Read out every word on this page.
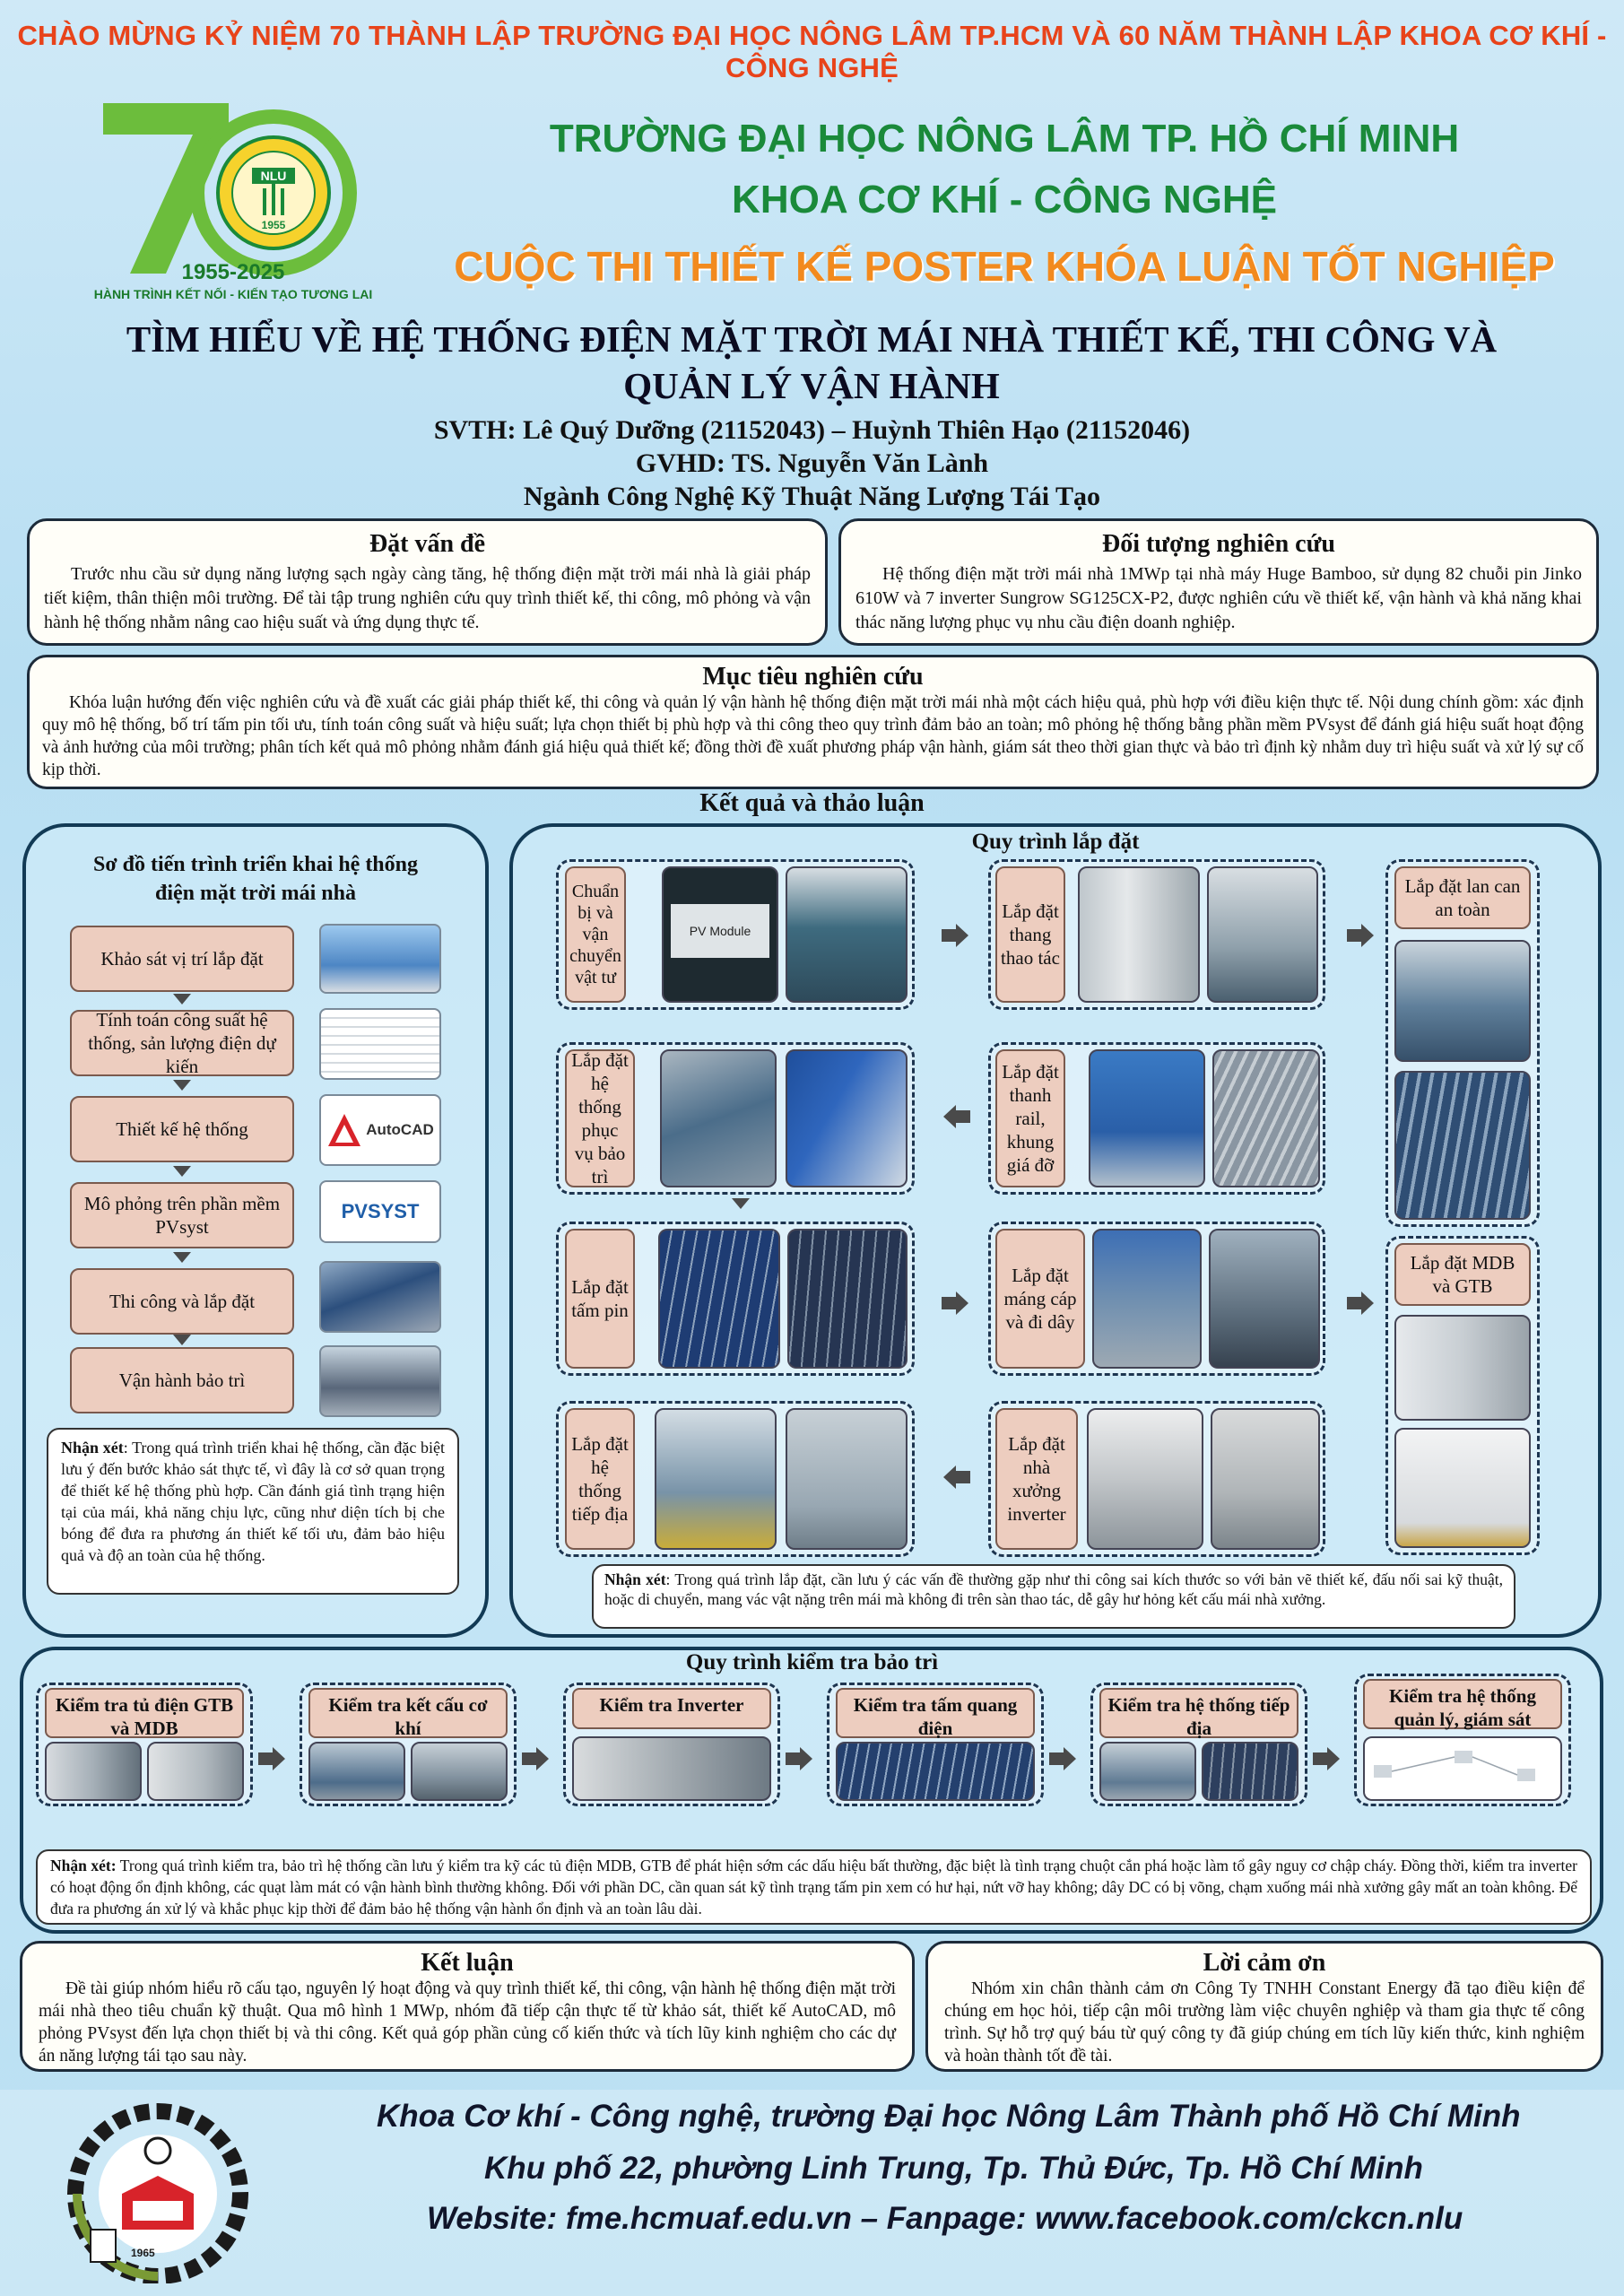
CHÀO MỪNG KỶ NIỆM 70 THÀNH LẬP TRƯỜNG ĐẠI HỌC NÔNG LÂM TP.HCM VÀ 60 NĂM THÀNH LẬP KHOA CƠ KHÍ - CÔNG NGHỆ
NLU
1955
1955-2025
HÀNH TRÌNH KẾT NỐI - KIẾN TẠO TƯƠNG LAI
TRƯỜNG ĐẠI HỌC NÔNG LÂM TP. HỒ CHÍ MINH
KHOA CƠ KHÍ - CÔNG NGHỆ
CUỘC THI THIẾT KẾ POSTER KHÓA LUẬN TỐT NGHIỆP
TÌM HIỂU VỀ HỆ THỐNG ĐIỆN MẶT TRỜI MÁI NHÀ THIẾT KẾ, THI CÔNG VÀ
QUẢN LÝ VẬN HÀNH
SVTH: Lê Quý Dưỡng (21152043) – Huỳnh Thiên Hạo (21152046)
GVHD: TS. Nguyễn Văn Lành
Ngành Công Nghệ Kỹ Thuật Năng Lượng Tái Tạo
Đặt vấn đề

Trước nhu cầu sử dụng năng lượng sạch ngày càng tăng, hệ thống điện mặt trời mái nhà là giải pháp tiết kiệm, thân thiện môi trường. Để tài tập trung nghiên cứu quy trình thiết kế, thi công, mô phỏng và vận hành hệ thống nhằm nâng cao hiệu suất và ứng dụng thực tế.

Đối tượng nghiên cứu

Hệ thống điện mặt trời mái nhà 1MWp tại nhà máy Huge Bamboo, sử dụng 82 chuỗi pin Jinko 610W và 7 inverter Sungrow SG125CX-P2, được nghiên cứu về thiết kế, vận hành và khả năng khai thác năng lượng phục vụ nhu cầu điện doanh nghiệp.

Mục tiêu nghiên cứu

Khóa luận hướng đến việc nghiên cứu và đề xuất các giải pháp thiết kế, thi công và quản lý vận hành hệ thống điện mặt trời mái nhà một cách hiệu quả, phù hợp với điều kiện thực tế. Nội dung chính gồm: xác định quy mô hệ thống, bố trí tấm pin tối ưu, tính toán công suất và hiệu suất; lựa chọn thiết bị phù hợp và thi công theo quy trình đảm bảo an toàn; mô phỏng hệ thống bằng phần mềm PVsyst để đánh giá hiệu suất hoạt động và ảnh hưởng của môi trường; phân tích kết quả mô phỏng nhằm đánh giá hiệu quả thiết kế; đồng thời đề xuất phương pháp vận hành, giám sát theo thời gian thực và bảo trì định kỳ nhằm duy trì hiệu suất và xử lý sự cố kịp thời.

Kết quả và thảo luận
Sơ đồ tiến trình triển khai hệ thống điện mặt trời mái nhà
Khảo sát vị trí lắp đặt
Tính toán công suất hệ thống, sản lượng điện dự kiến
Thiết kế hệ thống
Mô phỏng trên phần mềm PVsyst
Thi công và lắp đặt
Vận hành bảo trì
AutoCAD
PVSYST
Nhận xét: Trong quá trình triển khai hệ thống, cần đặc biệt lưu ý đến bước khảo sát thực tế, vì đây là cơ sở quan trọng để thiết kế hệ thống phù hợp. Cần đánh giá tình trạng hiện tại của mái, khả năng chịu lực, cũng như diện tích bị che bóng để đưa ra phương án thiết kế tối ưu, đảm bảo hiệu quả và độ an toàn của hệ thống.
Quy trình lắp đặt
Chuẩn bị và vận chuyển vật tư
PV Module
Lắp đặt thang thao tác
Lắp đặt lan can an toàn
Lắp đặt hệ thống phục vụ bảo trì
Lắp đặt thanh rail, khung giá đỡ
Lắp đặt tấm pin
Lắp đặt máng cáp và đi dây
Lắp đặt MDB và GTB
Lắp đặt hệ thống tiếp địa
Lắp đặt nhà xưởng inverter
Nhận xét: Trong quá trình lắp đặt, cần lưu ý các vấn đề thường gặp như thi công sai kích thước so với bản vẽ thiết kế, đấu nối sai kỹ thuật, hoặc di chuyển, mang vác vật nặng trên mái mà không đi trên sàn thao tác, dễ gây hư hỏng kết cấu mái nhà xưởng.
Quy trình kiểm tra bảo trì
Kiểm tra tủ điện GTB và MDB
Kiểm tra kết cấu cơ khí
Kiểm tra Inverter	Kiểm tra tấm quang điện
Kiểm tra hệ thống tiếp địa
Kiểm tra hệ thống quản lý, giám sát
Nhận xét: Trong quá trình kiểm tra, bảo trì hệ thống cần lưu ý kiểm tra kỹ các tủ điện MDB, GTB để phát hiện sớm các dấu hiệu bất thường, đặc biệt là tình trạng chuột cắn phá hoặc làm tổ gây nguy cơ chập cháy. Đồng thời, kiểm tra inverter có hoạt động ổn định không, các quạt làm mát có vận hành bình thường không. Đối với phần DC, cần quan sát kỹ tình trạng tấm pin xem có hư hại, nứt vỡ hay không; dây DC có bị võng, chạm xuống mái nhà xưởng gây mất an toàn không. Để đưa ra phương án xử lý và khắc phục kịp thời để đảm bảo hệ thống vận hành ổn định và an toàn lâu dài.
Kết luận

Đề tài giúp nhóm hiểu rõ cấu tạo, nguyên lý hoạt động và quy trình thiết kế, thi công, vận hành hệ thống điện mặt trời mái nhà theo tiêu chuẩn kỹ thuật. Qua mô hình 1 MWp, nhóm đã tiếp cận thực tế từ khảo sát, thiết kế AutoCAD, mô phỏng PVsyst đến lựa chọn thiết bị và thi công. Kết quả góp phần củng cố kiến thức và tích lũy kinh nghiệm cho các dự án năng lượng tái tạo sau này.

Lời cảm ơn

Nhóm xin chân thành cảm ơn Công Ty TNHH Constant Energy đã tạo điều kiện để chúng em học hỏi, tiếp cận môi trường làm việc chuyên nghiệp và tham gia thực tế công trình. Sự hỗ trợ quý báu từ quý công ty đã giúp chúng em tích lũy kiến thức, kinh nghiệm và hoàn thành tốt đề tài.

1965
Khoa Cơ khí - Công nghệ, trường Đại học Nông Lâm Thành phố Hồ Chí Minh
Khu phố 22, phường Linh Trung, Tp. Thủ Đức, Tp. Hồ Chí Minh
Website: fme.hcmuaf.edu.vn – Fanpage: www.facebook.com/ckcn.nlu
